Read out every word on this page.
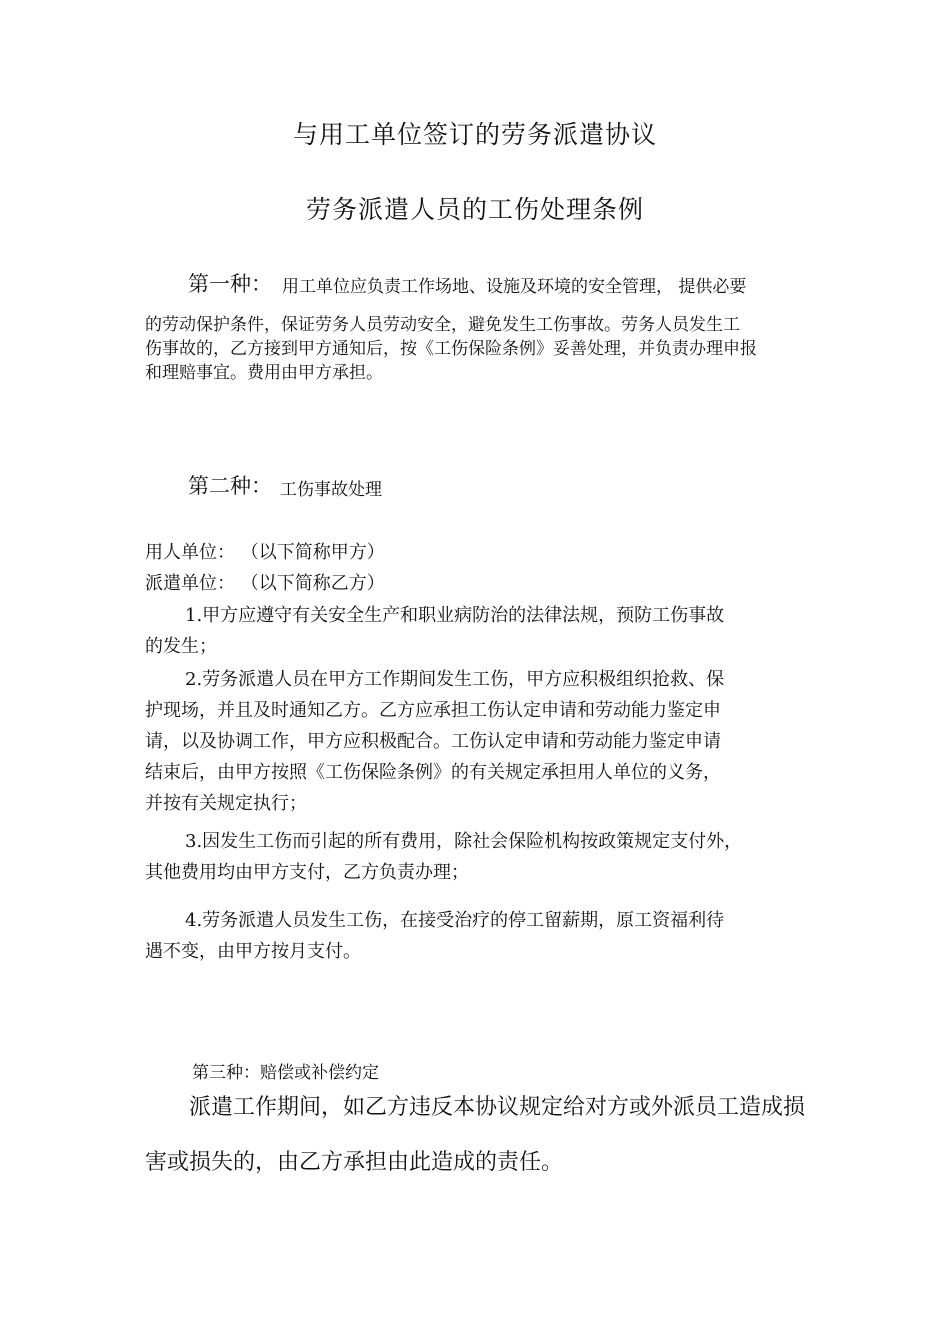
与用工单位签订的劳务派遣协议
劳务派遣人员的工伤处理条例
第一种： 用工单位应负责工作场地、设施及环境的安全管理， 提供必要
的劳动保护条件，保证劳务人员劳动安全，避免发生工伤事故。劳务人员发生工
伤事故的，乙方接到甲方通知后，按《工伤保险条例》妥善处理，并负责办理申报
和理赔事宜。费用由甲方承担。
第二种： 工伤事故处理
用人单位： （以下简称甲方）
派遣单位： （以下简称乙方）
1.甲方应遵守有关安全生产和职业病防治的法律法规，预防工伤事故
的发生；
2.劳务派遣人员在甲方工作期间发生工伤，甲方应积极组织抢救、保
护现场，并且及时通知乙方。乙方应承担工伤认定申请和劳动能力鉴定申
请，以及协调工作，甲方应积极配合。工伤认定申请和劳动能力鉴定申请
结束后，由甲方按照《工伤保险条例》的有关规定承担用人单位的义务，
并按有关规定执行；
3.因发生工伤而引起的所有费用，除社会保险机构按政策规定支付外，
其他费用均由甲方支付，乙方负责办理；
4.劳务派遣人员发生工伤，在接受治疗的停工留薪期，原工资福利待
遇不变，由甲方按月支付。
第三种：赔偿或补偿约定
派遣工作期间，如乙方违反本协议规定给对方或外派员工造成损
害或损失的，由乙方承担由此造成的责任。
